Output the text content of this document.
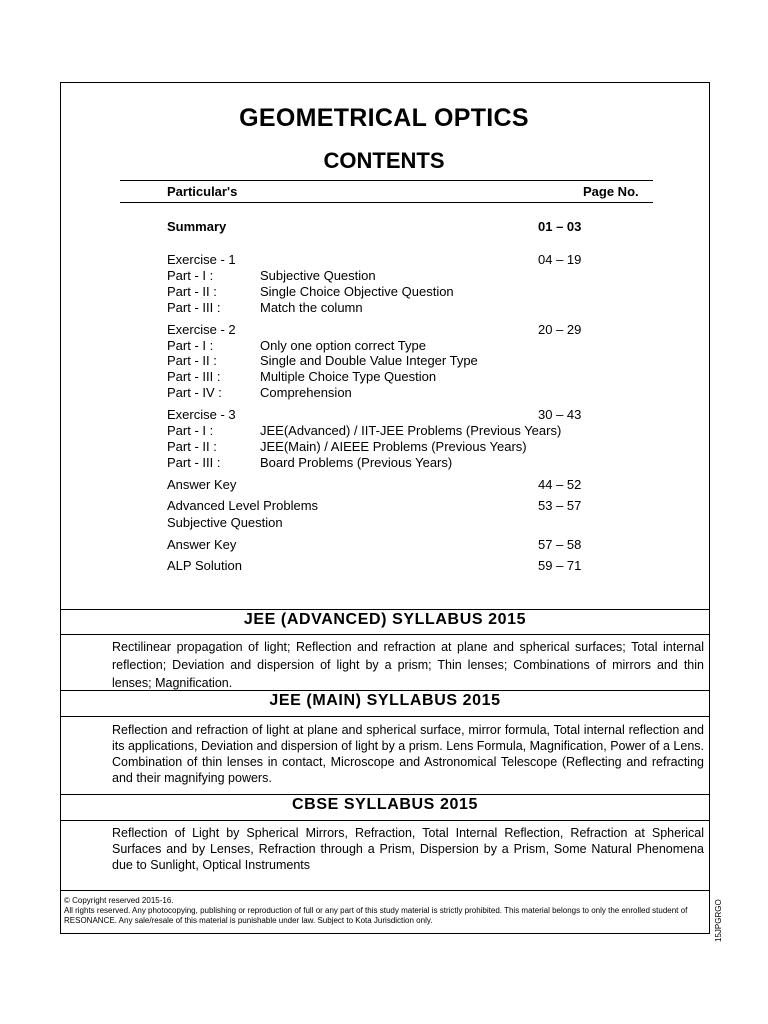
GEOMETRICAL OPTICS
CONTENTS
Particular's	Page No.
Summary	01 – 03
Exercise - 1	04 – 19
Part - I :	Subjective Question
Part - II :	Single Choice Objective Question
Part - III :	Match the column
Exercise - 2	20 – 29
Part - I :	Only one option correct Type
Part - II :	Single and Double Value Integer Type
Part - III :	Multiple Choice Type Question
Part - IV :	Comprehension
Exercise - 3	30 – 43
Part - I :	JEE(Advanced) / IIT-JEE Problems (Previous Years)
Part - II :	JEE(Main) / AIEEE Problems (Previous Years)
Part - III :	Board Problems (Previous Years)
Answer Key	44 – 52
Advanced Level Problems	53 – 57
Subjective Question
Answer Key	57 – 58
ALP Solution	59 – 71
JEE (ADVANCED) SYLLABUS 2015
Rectilinear propagation of light; Reflection and refraction at plane and spherical surfaces; Total internal reflection; Deviation and dispersion of light by a prism; Thin lenses; Combinations of mirrors and thin lenses; Magnification.
JEE (MAIN) SYLLABUS 2015
Reflection and refraction of light at plane and spherical surface, mirror formula, Total internal reflection and its applications, Deviation and dispersion of light by a prism. Lens Formula, Magnification, Power of a Lens. Combination of thin lenses in contact, Microscope and Astronomical Telescope (Reflecting and refracting and their magnifying powers.
CBSE SYLLABUS 2015
Reflection of Light by Spherical Mirrors, Refraction, Total Internal Reflection, Refraction at Spherical Surfaces and by Lenses, Refraction through a Prism, Dispersion by a Prism, Some Natural Phenomena due to Sunlight, Optical Instruments
© Copyright reserved 2015-16.
All rights reserved. Any photocopying, publishing or reproduction of full or any part of this study material is strictly prohibited. This material belongs to only the enrolled student of RESONANCE. Any sale/resale of this material is punishable under law. Subject to Kota Jurisdiction only.	15JPGRGO
